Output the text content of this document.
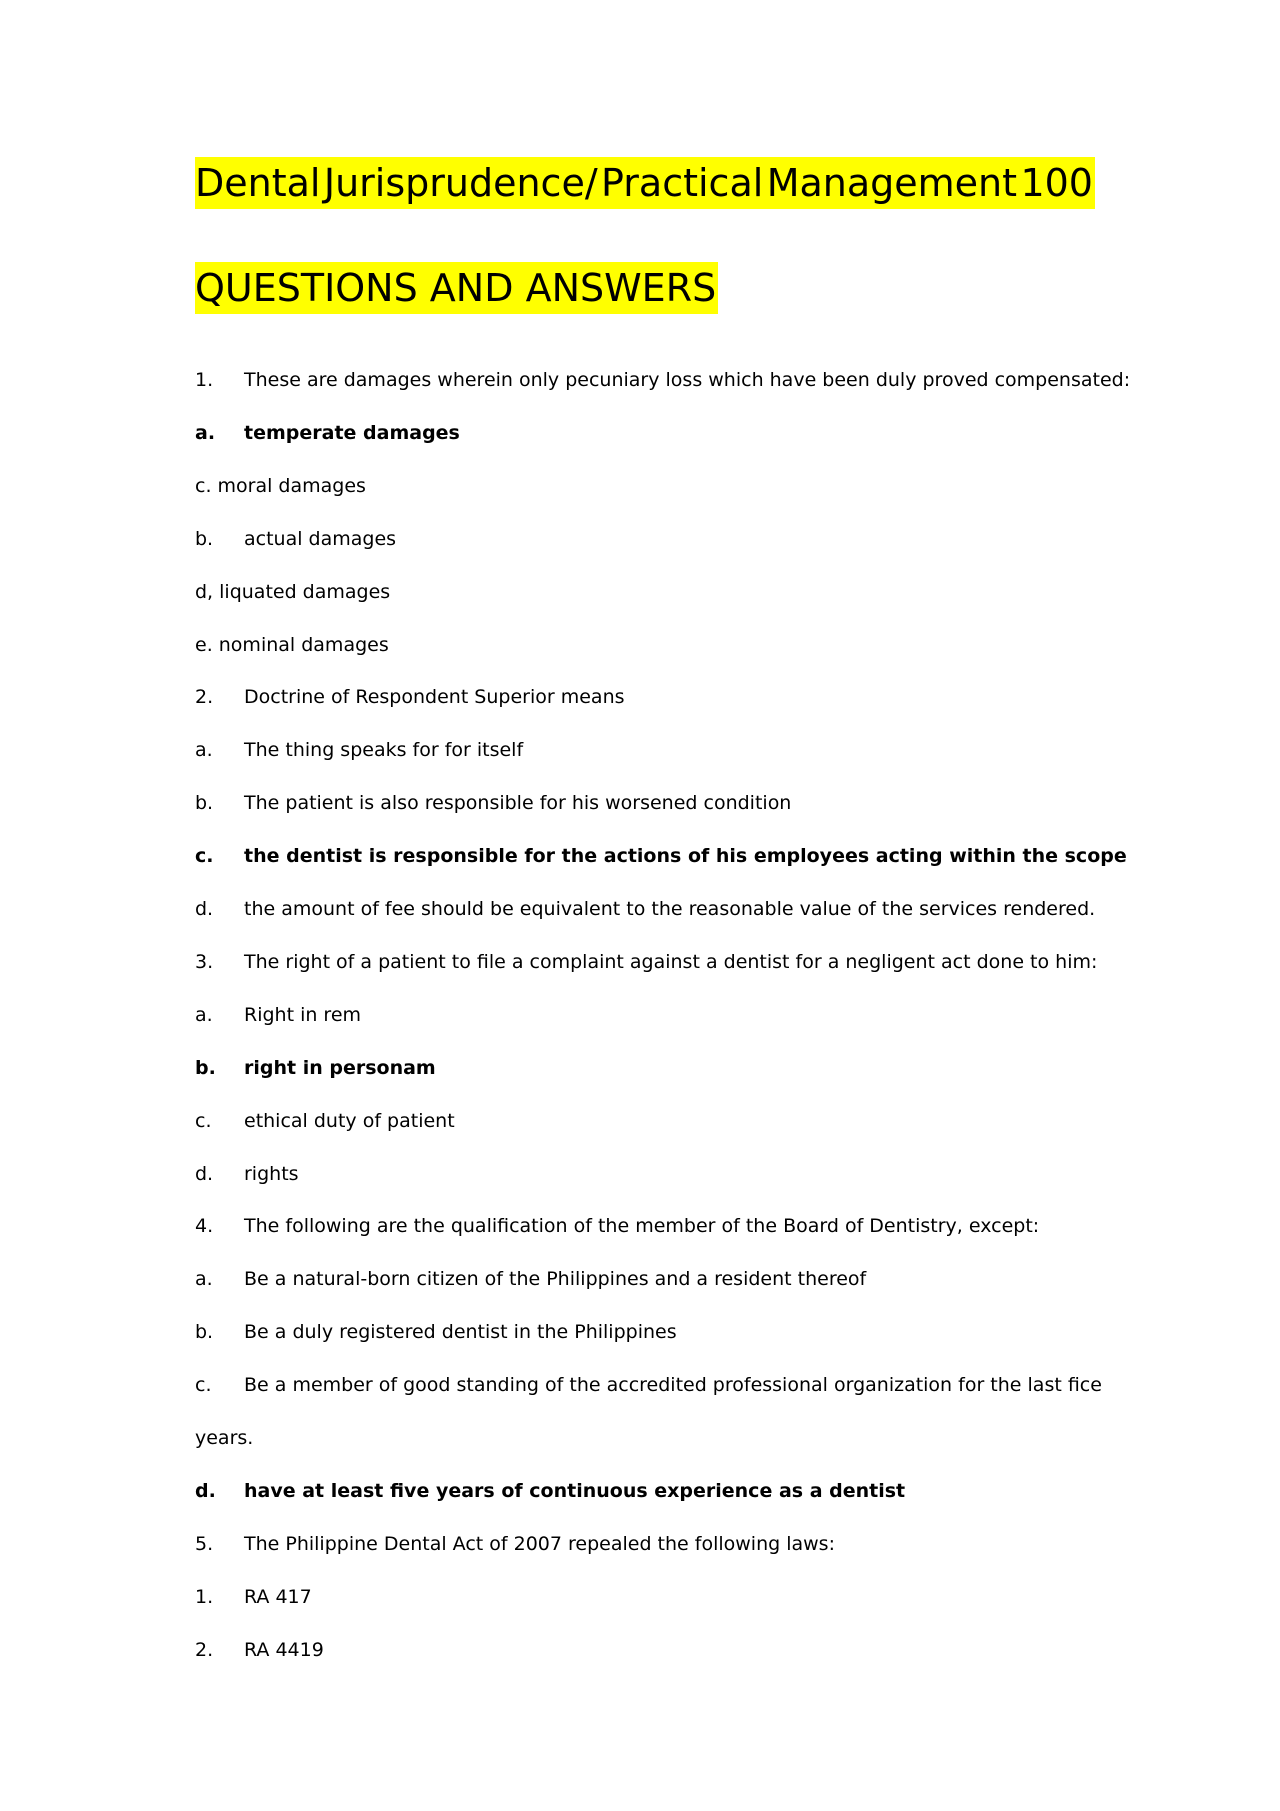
Dental Jurisprudence/ Practical Management 100
QUESTIONS AND ANSWERS
1. These are damages wherein only pecuniary loss which have been duly proved compensated:
a. temperate damages
c. moral damages
b. actual damages
d, liquated damages
e. nominal damages
2. Doctrine of Respondent Superior means
a. The thing speaks for for itself
b. The patient is also responsible for his worsened condition
c. the dentist is responsible for the actions of his employees acting within the scope
d. the amount of fee should be equivalent to the reasonable value of the services rendered.
3. The right of a patient to file a complaint against a dentist for a negligent act done to him:
a. Right in rem
b. right in personam
c. ethical duty of patient
d. rights
4. The following are the qualification of the member of the Board of Dentistry, except:
a. Be a natural-born citizen of the Philippines and a resident thereof
b. Be a duly registered dentist in the Philippines
c. Be a member of good standing of the accredited professional organization for the last fice
years.
d. have at least five years of continuous experience as a dentist
5. The Philippine Dental Act of 2007 repealed the following laws:
1. RA 417
2. RA 4419
